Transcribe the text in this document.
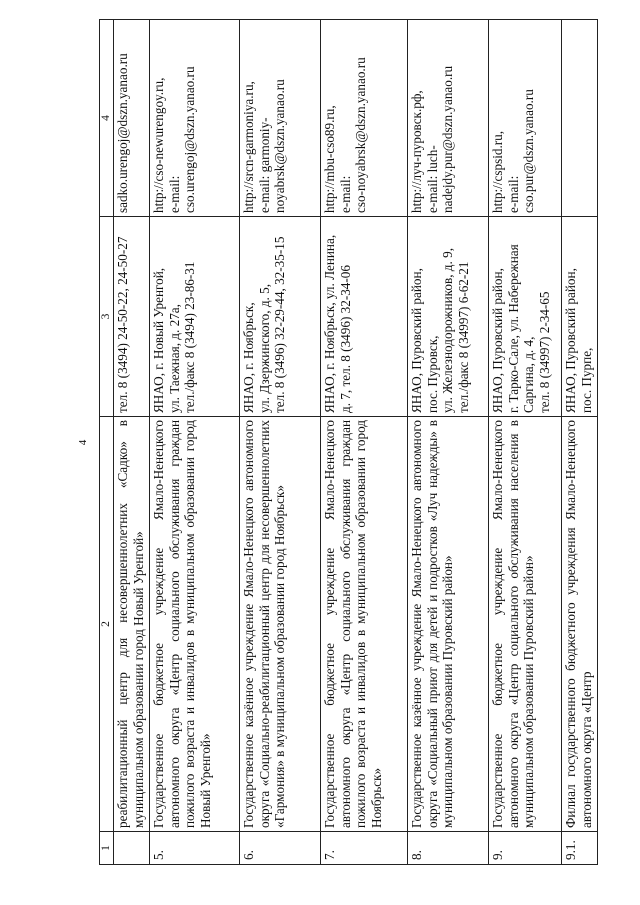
4
1	2	3	4
	реабилитационный центр для несовершеннолетних «Садко» в муниципальном образовании город Новый Уренгой»	тел. 8 (3494) 24-50-22, 24-50-27	sadko.urengoj@dszn.yanao.ru

5.	Государственное бюджетное учреждение Ямало-Ненецкого автономного округа «Центр социального обслуживания граждан пожилого возраста и инвалидов в муниципальном образовании город Новый Уренгой»	ЯНАО, г. Новый Уренгой, ул. Таежная, д. 27а, тел./факс 8 (3494) 23-86-31	http://cso-newurengoy.ru, e-mail: cso.urengoj@dszn.yanao.ru

6.	Государственное казённое учреждение Ямало-Ненецкого автономного округа «Социально-реабилитационный центр для несовершеннолетних «Гармония» в муниципальном образовании город Ноябрьск»	ЯНАО, г. Ноябрьск, ул. Дзержинского, д. 5, тел. 8 (3496) 32-29-44, 32-35-15	http://srcn-garmoniya.ru, e-mail: garmoniy- noyabrsk@dszn.yanao.ru

7.	Государственное бюджетное учреждение Ямало-Ненецкого автономного округа «Центр социального обслуживания граждан пожилого возраста и инвалидов в муниципальном образовании город Ноябрьск»	ЯНАО, г. Ноябрьск, ул. Ленина, д. 7, тел. 8 (3496) 32-34-06	http://mbu-cso89.ru, e-mail: cso-noyabrsk@dszn.yanao.ru

8.	Государственное казённое учреждение Ямало-Ненецкого автономного округа «Социальный приют для детей и подростков «Луч надежды» в муниципальном образовании Пуровский район»	ЯНАО, Пуровский район, пос. Пуровск, ул. Железнодорожников, д. 9, тел./факс 8 (34997) 6-62-21	http://луч-пуровск.рф, e-mail: luch- nadejdy.pur@dszn.yanao.ru

9.	Государственное бюджетное учреждение Ямало-Ненецкого автономного округа «Центр социального обслуживания населения в муниципальном образовании Пуровский район»	ЯНАО, Пуровский район, г. Тарко-Сале, ул. Набережная Саргина, д. 4, тел. 8 (34997) 2-34-65	http://cspsid.ru, e-mail: cso.pur@dszn.yanao.ru

9.1.	Филиал государственного бюджетного учреждения Ямало-Ненецкого автономного округа «Центр	ЯНАО, Пуровский район, пос. Пурпе,	
